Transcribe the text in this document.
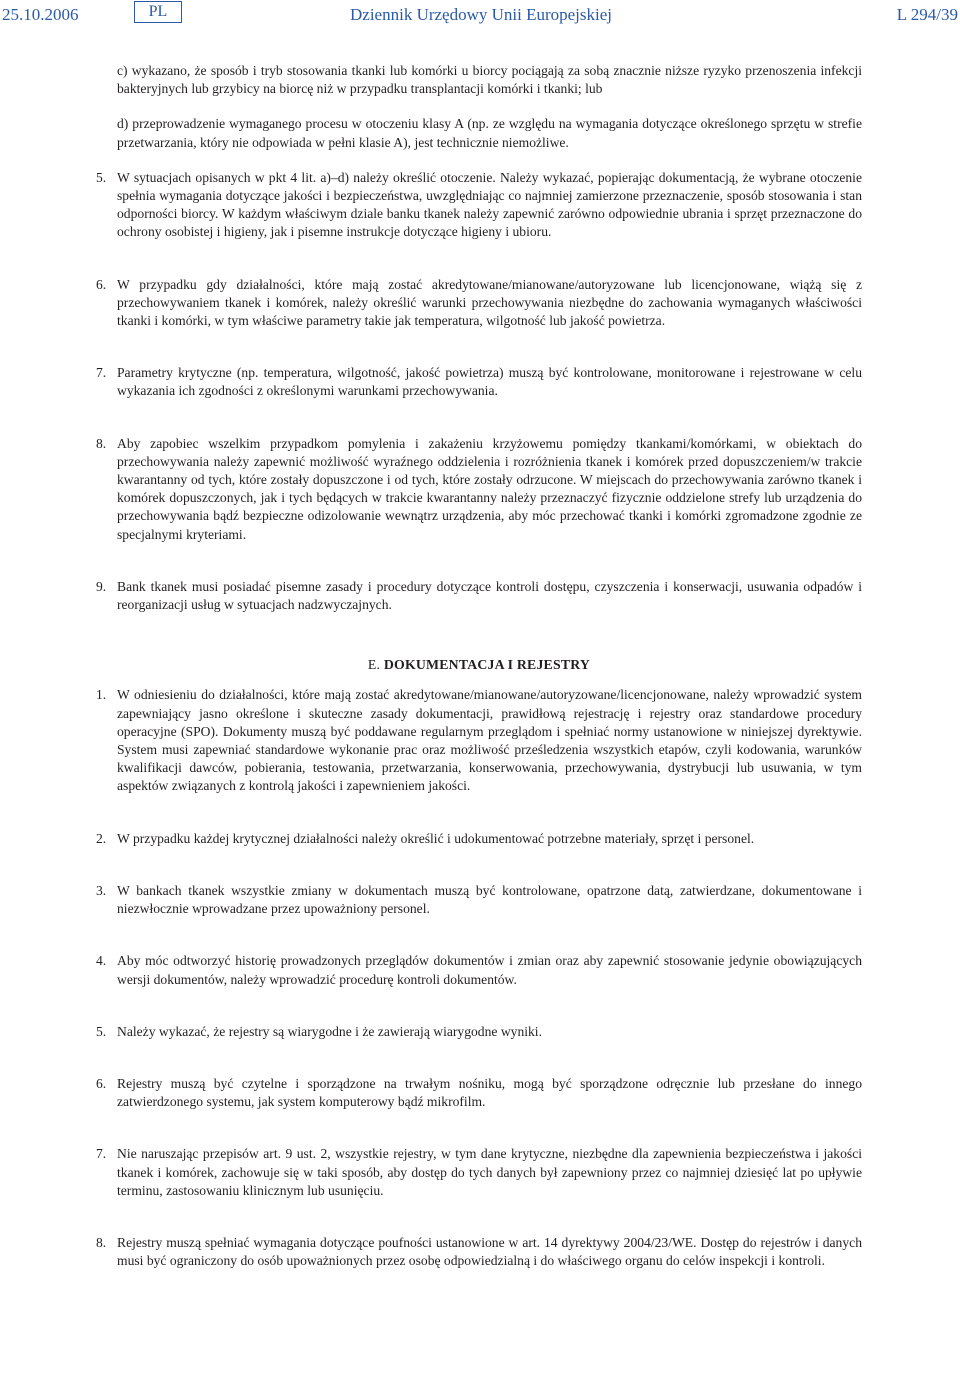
25.10.2006	PL	Dziennik Urzędowy Unii Europejskiej	L 294/39

c) wykazano, że sposób i tryb stosowania tkanki lub komórki u biorcy pociągają za sobą znacznie niższe ryzyko przenoszenia infekcji bakteryjnych lub grzybicy na biorcę niż w przypadku transplantacji komórki i tkanki; lub

d) przeprowadzenie wymaganego procesu w otoczeniu klasy A (np. ze względu na wymagania dotyczące określonego sprzętu w strefie przetwarzania, który nie odpowiada w pełni klasie A), jest technicznie niemożliwe.

5. W sytuacjach opisanych w pkt 4 lit. a)–d) należy określić otoczenie. Należy wykazać, popierając dokumentacją, że wybrane otoczenie spełnia wymagania dotyczące jakości i bezpieczeństwa, uwzględniając co najmniej zamierzone przeznaczenie, sposób stosowania i stan odporności biorcy. W każdym właściwym dziale banku tkanek należy zapewnić zarówno odpowiednie ubrania i sprzęt przeznaczone do ochrony osobistej i higieny, jak i pisemne instrukcje dotyczące higieny i ubioru.

6. W przypadku gdy działalności, które mają zostać akredytowane/mianowane/autoryzowane lub licencjonowane, wiążą się z przechowywaniem tkanek i komórek, należy określić warunki przechowywania niezbędne do zachowania wymaganych właściwości tkanki i komórki, w tym właściwe parametry takie jak temperatura, wilgotność lub jakość powietrza.

7. Parametry krytyczne (np. temperatura, wilgotność, jakość powietrza) muszą być kontrolowane, monitorowane i rejestrowane w celu wykazania ich zgodności z określonymi warunkami przechowywania.

8. Aby zapobiec wszelkim przypadkom pomylenia i zakażeniu krzyżowemu pomiędzy tkankami/komórkami, w obiektach do przechowywania należy zapewnić możliwość wyraźnego oddzielenia i rozróżnienia tkanek i komórek przed dopuszczeniem/w trakcie kwarantanny od tych, które zostały dopuszczone i od tych, które zostały odrzucone. W miejscach do przechowywania zarówno tkanek i komórek dopuszczonych, jak i tych będących w trakcie kwarantanny należy przeznaczyć fizycznie oddzielone strefy lub urządzenia do przechowywania bądź bezpieczne odizolowanie wewnątrz urządzenia, aby móc przechować tkanki i komórki zgromadzone zgodnie ze specjalnymi kryteriami.

9. Bank tkanek musi posiadać pisemne zasady i procedury dotyczące kontroli dostępu, czyszczenia i konserwacji, usuwania odpadów i reorganizacji usług w sytuacjach nadzwyczajnych.

E. DOKUMENTACJA I REJESTRY

1. W odniesieniu do działalności, które mają zostać akredytowane/mianowane/autoryzowane/licencjonowane, należy wprowadzić system zapewniający jasno określone i skuteczne zasady dokumentacji, prawidłową rejestrację i rejestry oraz standardowe procedury operacyjne (SPO). Dokumenty muszą być poddawane regularnym przeglądom i spełniać normy ustanowione w niniejszej dyrektywie. System musi zapewniać standardowe wykonanie prac oraz możliwość prześledzenia wszystkich etapów, czyli kodowania, warunków kwalifikacji dawców, pobierania, testowania, przetwarzania, konserwowania, przechowywania, dystrybucji lub usuwania, w tym aspektów związanych z kontrolą jakości i zapewnieniem jakości.

2. W przypadku każdej krytycznej działalności należy określić i udokumentować potrzebne materiały, sprzęt i personel.

3. W bankach tkanek wszystkie zmiany w dokumentach muszą być kontrolowane, opatrzone datą, zatwierdzane, dokumentowane i niezwłocznie wprowadzane przez upoważniony personel.

4. Aby móc odtworzyć historię prowadzonych przeglądów dokumentów i zmian oraz aby zapewnić stosowanie jedynie obowiązujących wersji dokumentów, należy wprowadzić procedurę kontroli dokumentów.

5. Należy wykazać, że rejestry są wiarygodne i że zawierają wiarygodne wyniki.

6. Rejestry muszą być czytelne i sporządzone na trwałym nośniku, mogą być sporządzone odręcznie lub przesłane do innego zatwierdzonego systemu, jak system komputerowy bądź mikrofilm.

7. Nie naruszając przepisów art. 9 ust. 2, wszystkie rejestry, w tym dane krytyczne, niezbędne dla zapewnienia bezpieczeństwa i jakości tkanek i komórek, zachowuje się w taki sposób, aby dostęp do tych danych był zapewniony przez co najmniej dziesięć lat po upływie terminu, zastosowaniu klinicznym lub usunięciu.

8. Rejestry muszą spełniać wymagania dotyczące poufności ustanowione w art. 14 dyrektywy 2004/23/WE. Dostęp do rejestrów i danych musi być ograniczony do osób upoważnionych przez osobę odpowiedzialną i do właściwego organu do celów inspekcji i kontroli.
